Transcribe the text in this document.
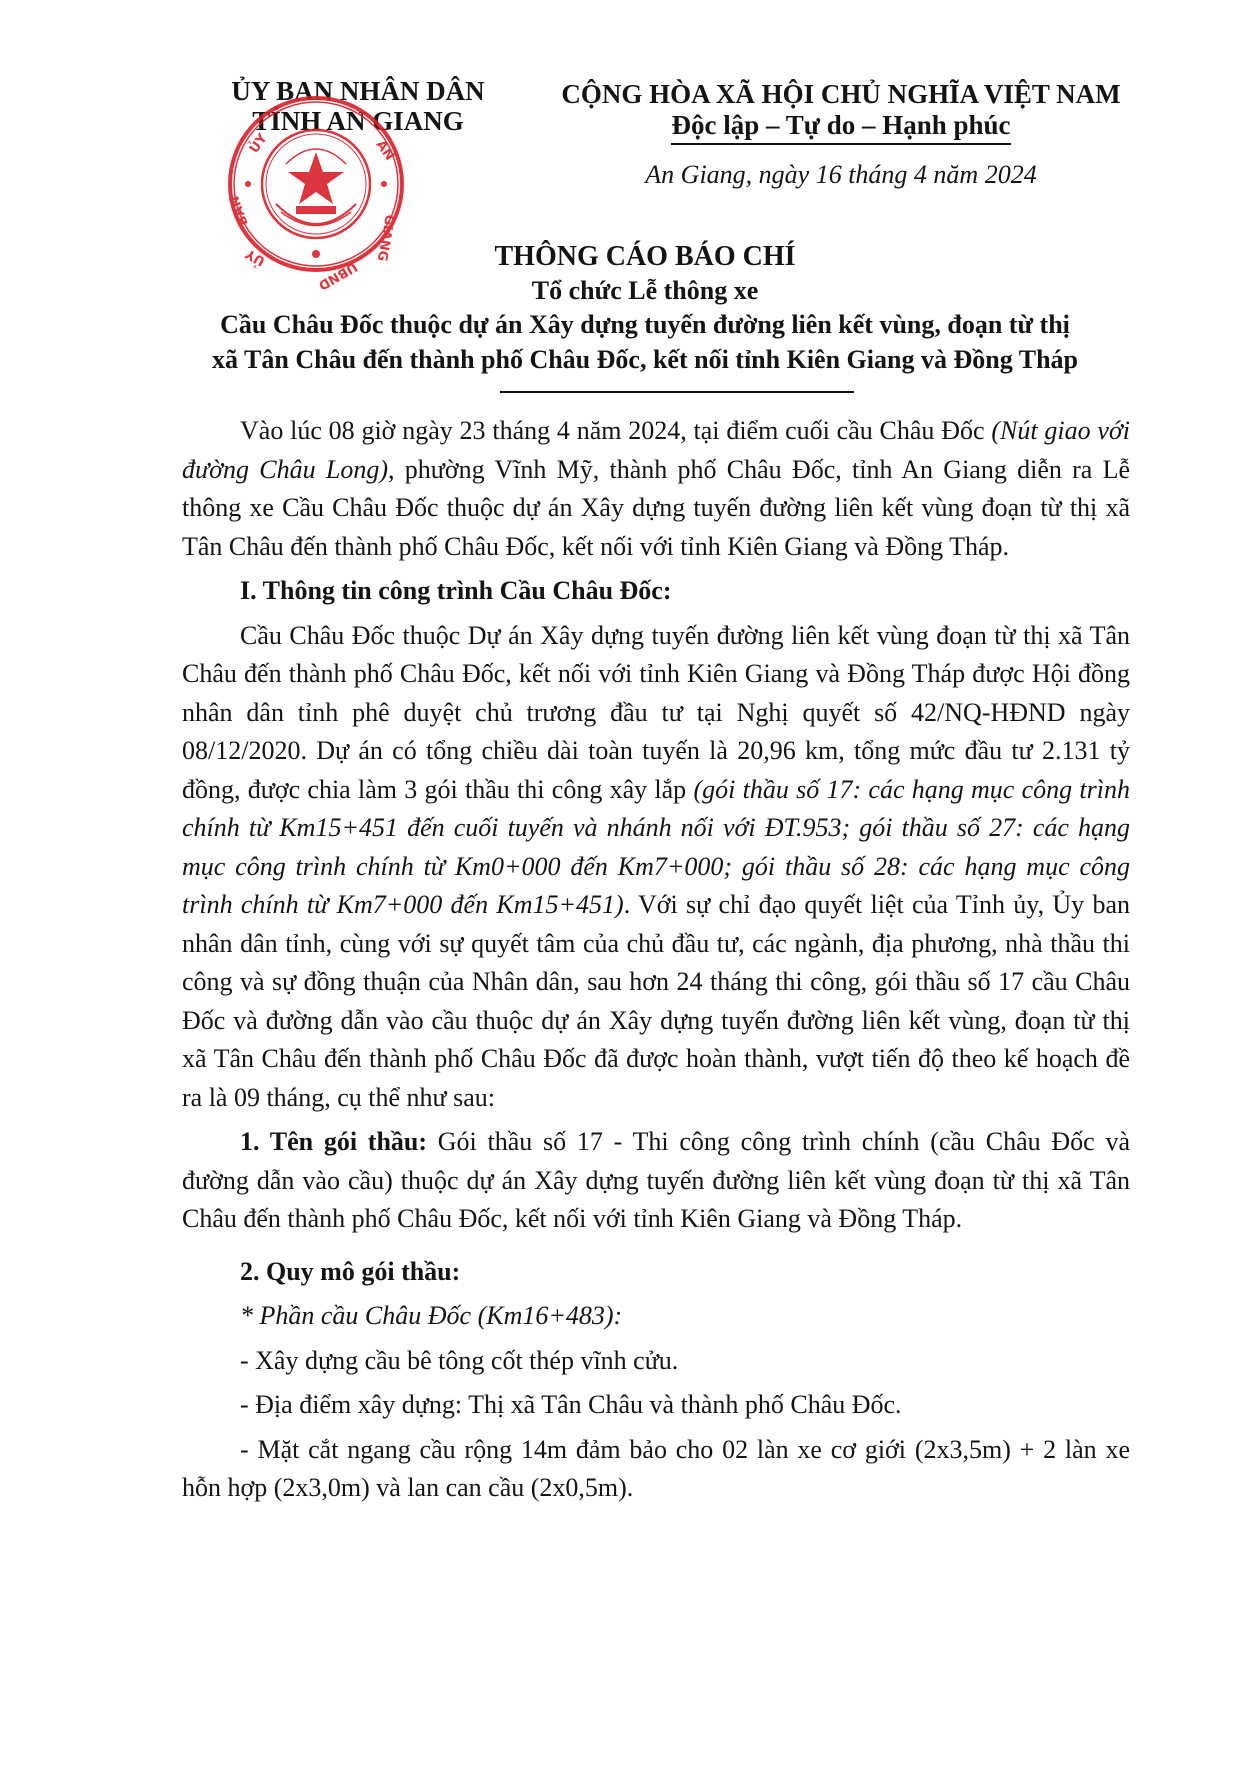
ỦY BAN NHÂN DÂN
TỈNH AN GIANG
ỦY
BAN
AN
GIANG
ỦY
UBND
CỘNG HÒA XÃ HỘI CHỦ NGHĨA VIỆT NAM
Độc lập – Tự do – Hạnh phúc
An Giang, ngày 16 tháng 4 năm 2024
THÔNG CÁO BÁO CHÍ
Tổ chức Lễ thông xe
Cầu Châu Đốc thuộc dự án Xây dựng tuyến đường liên kết vùng, đoạn từ thị
xã Tân Châu đến thành phố Châu Đốc, kết nối tỉnh Kiên Giang và Đồng Tháp

Vào lúc 08 giờ ngày 23 tháng 4 năm 2024, tại điểm cuối cầu Châu Đốc (Nút giao với đường Châu Long), phường Vĩnh Mỹ, thành phố Châu Đốc, tỉnh An Giang diễn ra Lễ thông xe Cầu Châu Đốc thuộc dự án Xây dựng tuyến đường liên kết vùng đoạn từ thị xã Tân Châu đến thành phố Châu Đốc, kết nối với tỉnh Kiên Giang và Đồng Tháp.

I. Thông tin công trình Cầu Châu Đốc:

Cầu Châu Đốc thuộc Dự án Xây dựng tuyến đường liên kết vùng đoạn từ thị xã Tân Châu đến thành phố Châu Đốc, kết nối với tỉnh Kiên Giang và Đồng Tháp được Hội đồng nhân dân tỉnh phê duyệt chủ trương đầu tư tại Nghị quyết số 42/NQ-HĐND ngày 08/12/2020. Dự án có tổng chiều dài toàn tuyến là 20,96 km, tổng mức đầu tư 2.131 tỷ đồng, được chia làm 3 gói thầu thi công xây lắp (gói thầu số 17: các hạng mục công trình chính từ Km15+451 đến cuối tuyến và nhánh nối với ĐT.953; gói thầu số 27: các hạng mục công trình chính từ Km0+000 đến Km7+000; gói thầu số 28: các hạng mục công trình chính từ Km7+000 đến Km15+451). Với sự chỉ đạo quyết liệt của Tỉnh ủy, Ủy ban nhân dân tỉnh, cùng với sự quyết tâm của chủ đầu tư, các ngành, địa phương, nhà thầu thi công và sự đồng thuận của Nhân dân, sau hơn 24 tháng thi công, gói thầu số 17 cầu Châu Đốc và đường dẫn vào cầu thuộc dự án Xây dựng tuyến đường liên kết vùng, đoạn từ thị xã Tân Châu đến thành phố Châu Đốc đã được hoàn thành, vượt tiến độ theo kế hoạch đề ra là 09 tháng, cụ thể như sau:

1. Tên gói thầu: Gói thầu số 17 - Thi công công trình chính (cầu Châu Đốc và đường dẫn vào cầu) thuộc dự án Xây dựng tuyến đường liên kết vùng đoạn từ thị xã Tân Châu đến thành phố Châu Đốc, kết nối với tỉnh Kiên Giang và Đồng Tháp.

2. Quy mô gói thầu:

* Phần cầu Châu Đốc (Km16+483):

- Xây dựng cầu bê tông cốt thép vĩnh cửu.

- Địa điểm xây dựng: Thị xã Tân Châu và thành phố Châu Đốc.

- Mặt cắt ngang cầu rộng 14m đảm bảo cho 02 làn xe cơ giới (2x3,5m) + 2 làn xe hỗn hợp (2x3,0m) và lan can cầu (2x0,5m).
